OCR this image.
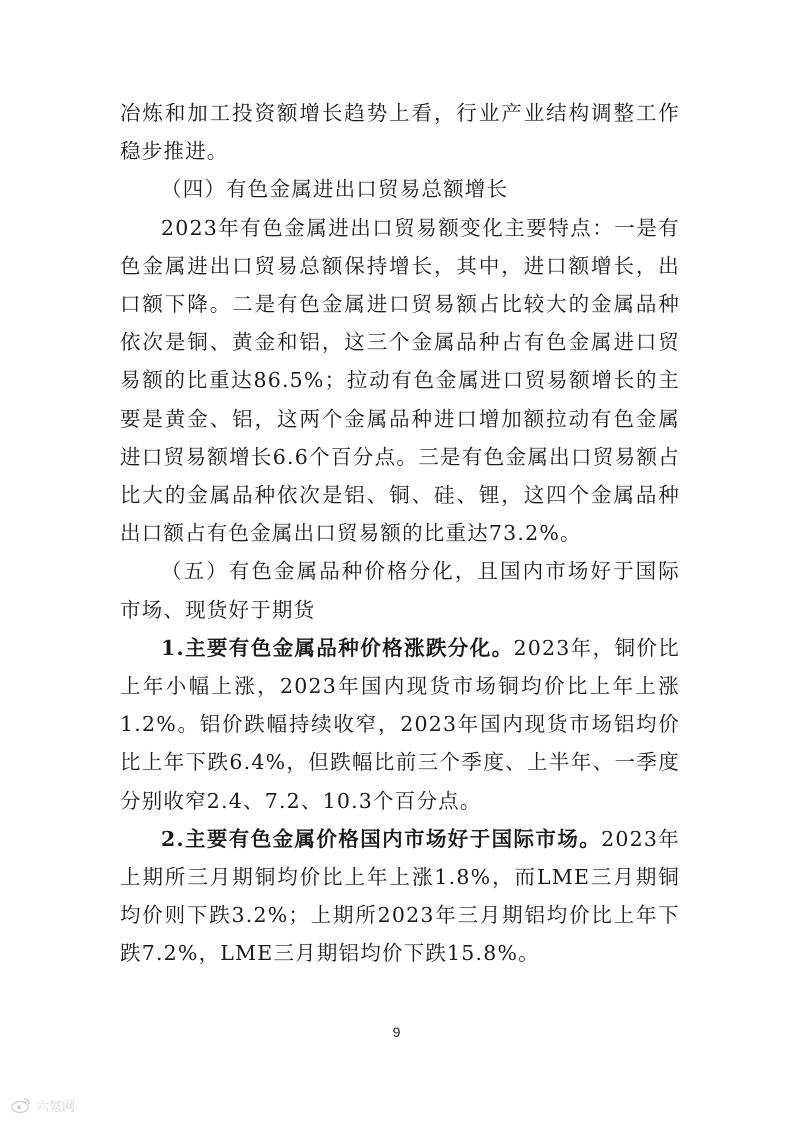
冶炼和加工投资额增长趋势上看，行业产业结构调整工作稳步推进。

（四）有色金属进出口贸易总额增长

2023年有色金属进出口贸易额变化主要特点：一是有色金属进出口贸易总额保持增长，其中，进口额增长，出口额下降。二是有色金属进口贸易额占比较大的金属品种依次是铜、黄金和铝，这三个金属品种占有色金属进口贸易额的比重达86.5%；拉动有色金属进口贸易额增长的主要是黄金、铝，这两个金属品种进口增加额拉动有色金属进口贸易额增长6.6个百分点。三是有色金属出口贸易额占比大的金属品种依次是铝、铜、硅、锂，这四个金属品种出口额占有色金属出口贸易额的比重达73.2%。

（五）有色金属品种价格分化，且国内市场好于国际市场、现货好于期货

1.主要有色金属品种价格涨跌分化。2023年，铜价比上年小幅上涨，2023年国内现货市场铜均价比上年上涨1.2%。铝价跌幅持续收窄，2023年国内现货市场铝均价比上年下跌6.4%，但跌幅比前三个季度、上半年、一季度分别收窄2.4、7.2、10.3个百分点。

2.主要有色金属价格国内市场好于国际市场。2023年上期所三月期铜均价比上年上涨1.8%，而LME三月期铜均价则下跌3.2%；上期所2023年三月期铝均价比上年下跌7.2%，LME三月期铝均价下跌15.8%。

9
六氪网
